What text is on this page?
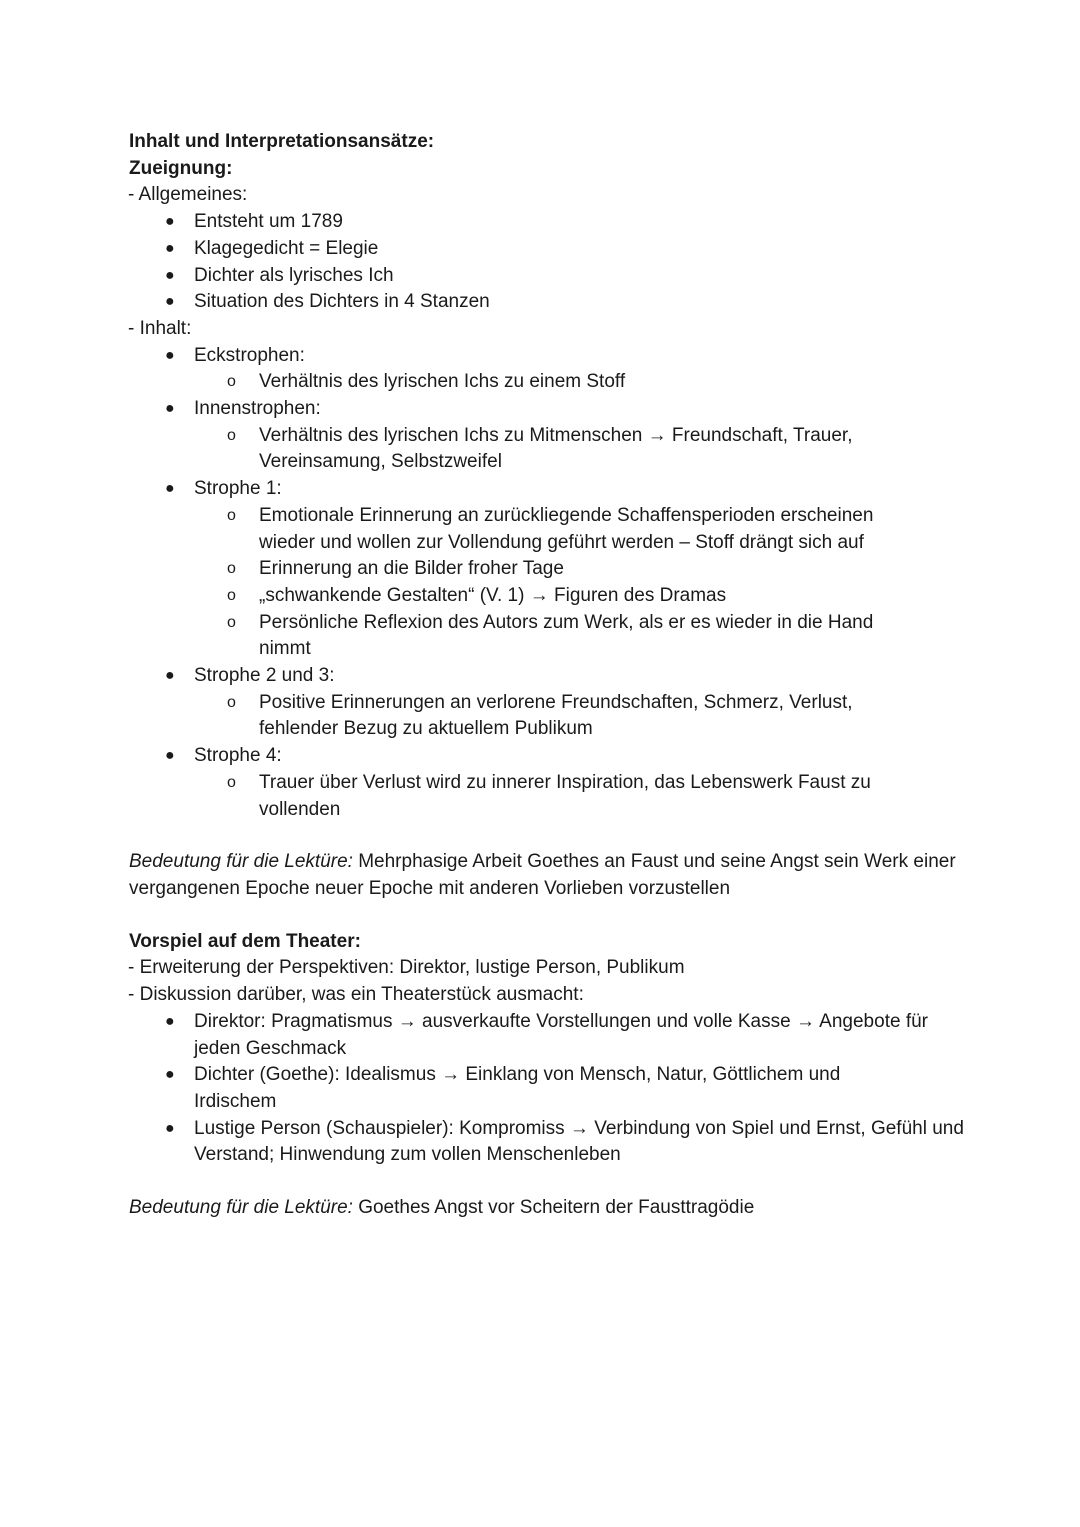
Inhalt und Interpretationsansätze:
Zueignung:
- Allgemeines:
● Entsteht um 1789
● Klagegedicht = Elegie
● Dichter als lyrisches Ich
● Situation des Dichters in 4 Stanzen
- Inhalt:
● Eckstrophen:
o Verhältnis des lyrischen Ichs zu einem Stoff
● Innenstrophen:
o Verhältnis des lyrischen Ichs zu Mitmenschen → Freundschaft, Trauer, Vereinsamung, Selbstzweifel
● Strophe 1:
o Emotionale Erinnerung an zurückliegende Schaffensperioden erscheinen wieder und wollen zur Vollendung geführt werden – Stoff drängt sich auf
o Erinnerung an die Bilder froher Tage
o „schwankende Gestalten“ (V. 1) → Figuren des Dramas
o Persönliche Reflexion des Autors zum Werk, als er es wieder in die Hand nimmt
● Strophe 2 und 3:
o Positive Erinnerungen an verlorene Freundschaften, Schmerz, Verlust, fehlender Bezug zu aktuellem Publikum
● Strophe 4:
o Trauer über Verlust wird zu innerer Inspiration, das Lebenswerk Faust zu vollenden

Bedeutung für die Lektüre: Mehrphasige Arbeit Goethes an Faust und seine Angst sein Werk einer vergangenen Epoche neuer Epoche mit anderen Vorlieben vorzustellen

Vorspiel auf dem Theater:
- Erweiterung der Perspektiven: Direktor, lustige Person, Publikum
- Diskussion darüber, was ein Theaterstück ausmacht:
● Direktor: Pragmatismus → ausverkaufte Vorstellungen und volle Kasse → Angebote für jeden Geschmack
● Dichter (Goethe): Idealismus → Einklang von Mensch, Natur, Göttlichem und Irdischem
● Lustige Person (Schauspieler): Kompromiss → Verbindung von Spiel und Ernst, Gefühl und Verstand; Hinwendung zum vollen Menschenleben

Bedeutung für die Lektüre: Goethes Angst vor Scheitern der Fausttragödie
